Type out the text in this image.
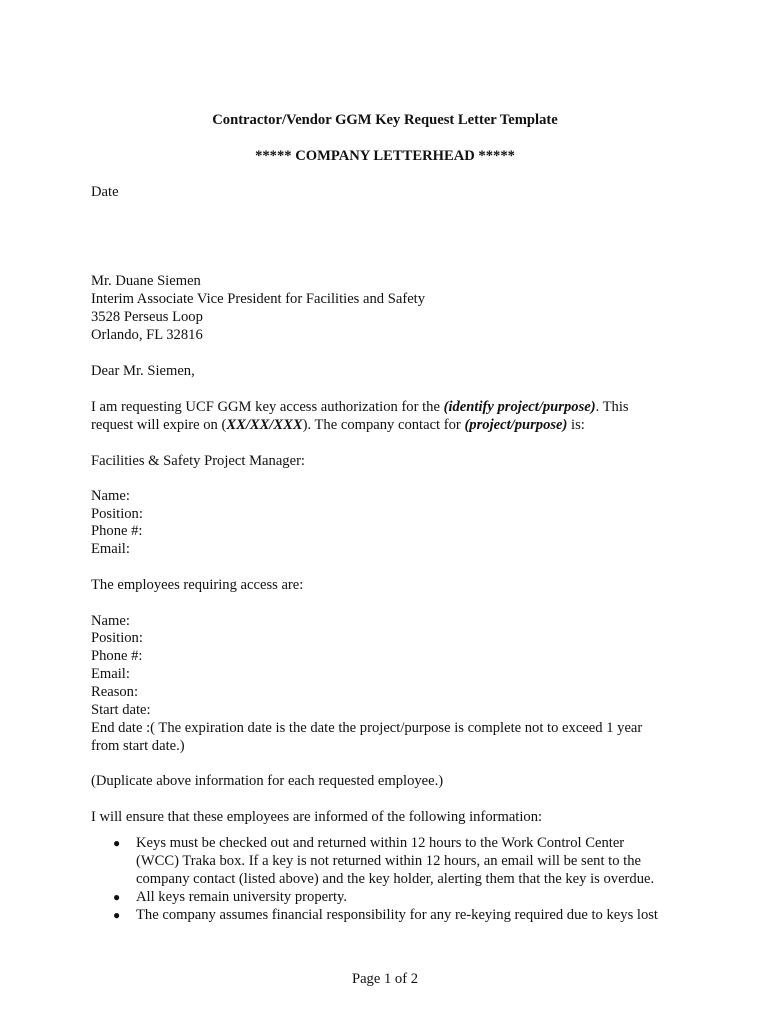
Contractor/Vendor GGM Key Request Letter Template
***** COMPANY LETTERHEAD *****
Date
Mr. Duane Siemen
Interim Associate Vice President for Facilities and Safety
3528 Perseus Loop
Orlando, FL 32816
Dear Mr. Siemen,
I am requesting UCF GGM key access authorization for the (identify project/purpose). This
request will expire on (XX/XX/XXX). The company contact for (project/purpose) is:
Facilities & Safety Project Manager:
Name:
Position:
Phone #:
Email:
The employees requiring access are:
Name:
Position:
Phone #:
Email:
Reason:
Start date:
End date :( The expiration date is the date the project/purpose is complete not to exceed 1 year
from start date.)
(Duplicate above information for each requested employee.)
I will ensure that these employees are informed of the following information:
● Keys must be checked out and returned within 12 hours to the Work Control Center
(WCC) Traka box. If a key is not returned within 12 hours, an email will be sent to the
company contact (listed above) and the key holder, alerting them that the key is overdue.
● All keys remain university property.
● The company assumes financial responsibility for any re-keying required due to keys lost
Page 1 of 2
